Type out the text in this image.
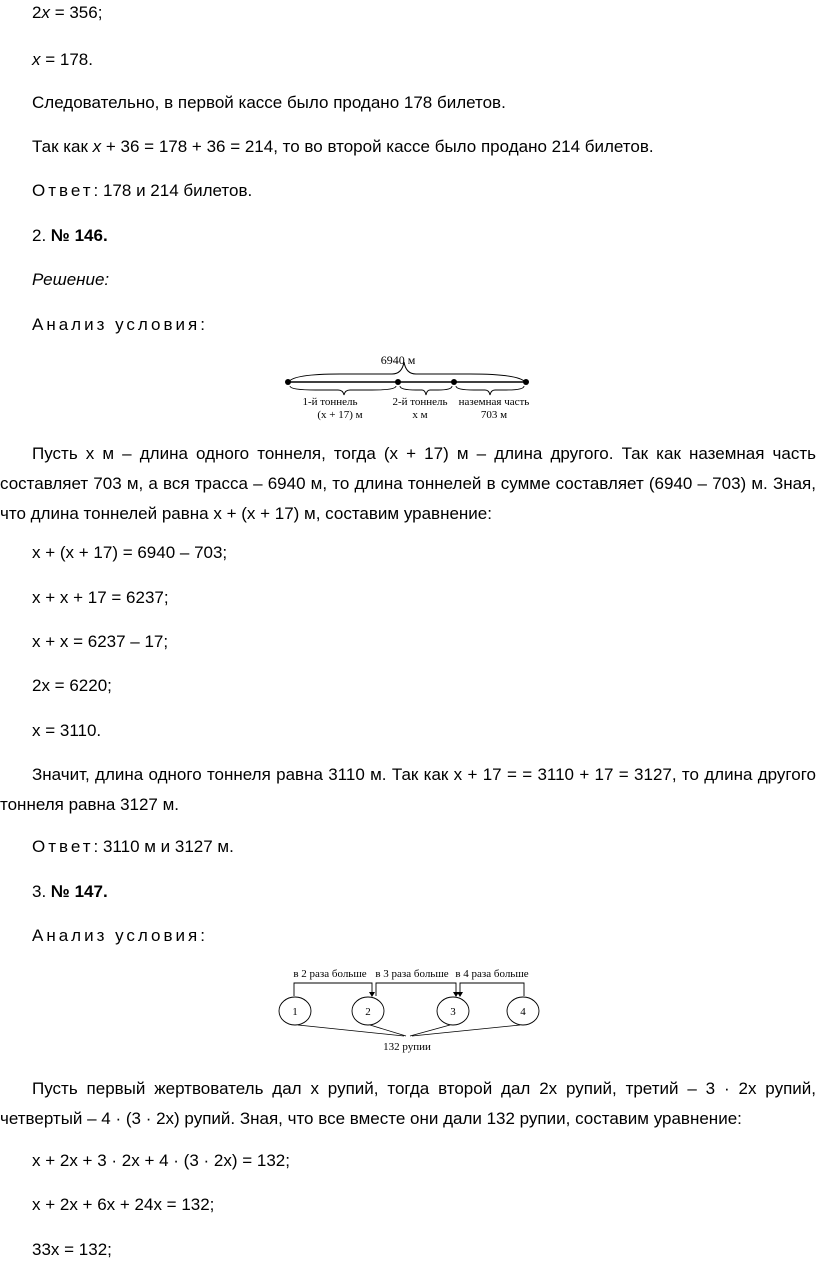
2x = 356;

x = 178.

Следовательно, в первой кассе было продано 178 билетов.

Так как x + 36 = 178 + 36 = 214, то во второй кассе было продано 214 билетов.

Ответ: 178 и 214 билетов.

2. № 146.

Решение:

Анализ условия:

6940 м
1-й тоннель
(x + 17) м
2-й тоннель
x м
наземная часть
703 м
Пусть x м – длина одного тоннеля, тогда (x + 17) м – длина другого. Так как наземная часть
составляет 703 м, а вся трасса – 6940 м, то длина тоннелей в сумме составляет (6940 – 703) м. Зная,
что длина тоннелей равна x + (x + 17) м, составим уравнение:

x + (x + 17) = 6940 – 703;

x + x + 17 = 6237;

x + x = 6237 – 17;

2x = 6220;

x = 3110.

Значит, длина одного тоннеля равна 3110 м. Так как x + 17 = = 3110 + 17 = 3127, то длина другого
тоннеля равна 3127 м.

Ответ: 3110 м и 3127 м.

3. № 147.

Анализ условия:

в 2 раза больше в 3 раза больше в 4 раза больше
1	2	3	4
132 рупии
Пусть первый жертвователь дал x рупий, тогда второй дал 2x рупий, третий – 3 · 2x рупий,
четвертый – 4 · (3 · 2x) рупий. Зная, что все вместе они дали 132 рупии, составим уравнение:

x + 2x + 3 · 2x + 4 · (3 · 2x) = 132;

x + 2x + 6x + 24x = 132;

33x = 132;
